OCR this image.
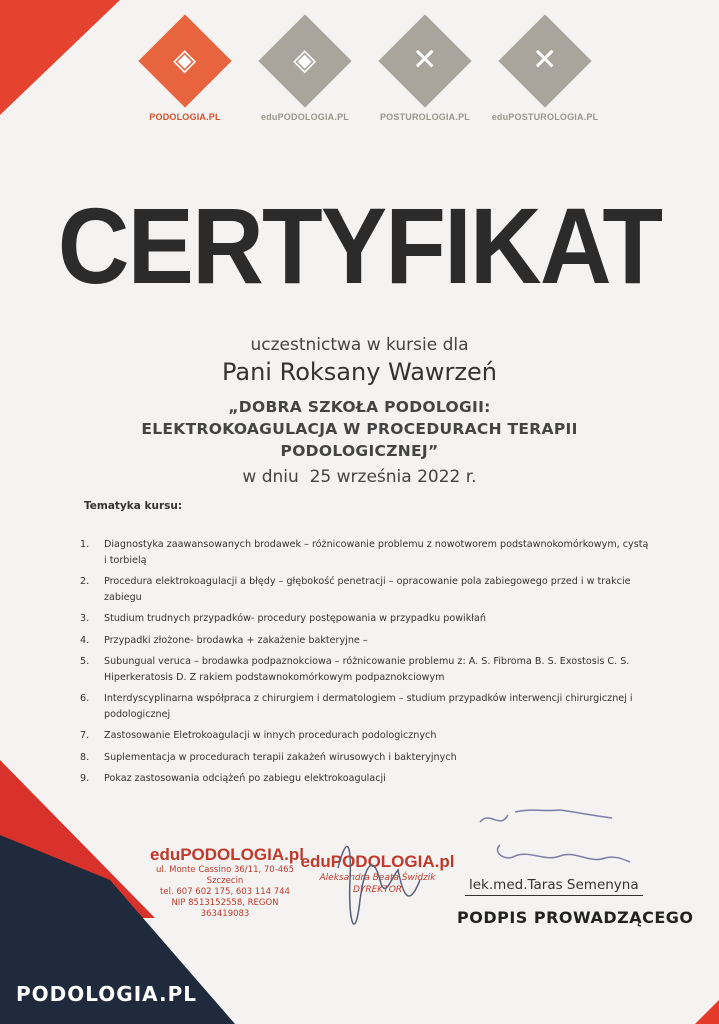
◈
PODOLOGIA.PL
◈
eduPODOLOGIA.PL
✕
POSTUROLOGIA.PL
✕
eduPOSTUROLOGIA.PL
CERTYFIKAT
uczestnictwa w kursie dla
Pani Roksany Wawrzeń
„DOBRA SZKOŁA PODOLOGII:
ELEKTROKOAGULACJA W PROCEDURACH TERAPII
PODOLOGICZNEJ”
w dniu 25 września 2022 r.
Tematyka kursu:
1. Diagnostyka zaawansowanych brodawek – różnicowanie problemu z nowotworem podstawnokomórkowym, cystą i torbielą
2. Procedura elektrokoagulacji a błędy – głębokość penetracji – opracowanie pola zabiegowego przed i w trakcie zabiegu
3. Studium trudnych przypadków- procedury postępowania w przypadku powikłań
4. Przypadki złożone- brodawka + zakażenie bakteryjne –
5. Subungual veruca – brodawka podpaznokciowa – różnicowanie problemu z: A. S. Fibroma B. S. Exostosis C. S. Hiperkeratosis D. Z rakiem podstawnokomórkowym podpaznokciowym
6. Interdyscyplinarna współpraca z chirurgiem i dermatologiem – studium przypadków interwencji chirurgicznej i podologicznej
7. Zastosowanie Eletrokoagulacji w innych procedurach podologicznych
8. Suplementacja w procedurach terapii zakażeń wirusowych i bakteryjnych
9. Pokaz zastosowania odciążeń po zabiegu elektrokoagulacji
eduPODOLOGIA.pl
ul. Monte Cassino 36/11, 70-465 Szczecin
tel. 607 602 175, 603 114 744
NIP 8513152558, REGON 363419083
eduPODOLOGIA.pl
Aleksandra Beata Świdzik
DYREKTOR	lek.med.Taras Semenyna
PODPIS PROWADZĄCEGO
PODOLOGIA.PL
